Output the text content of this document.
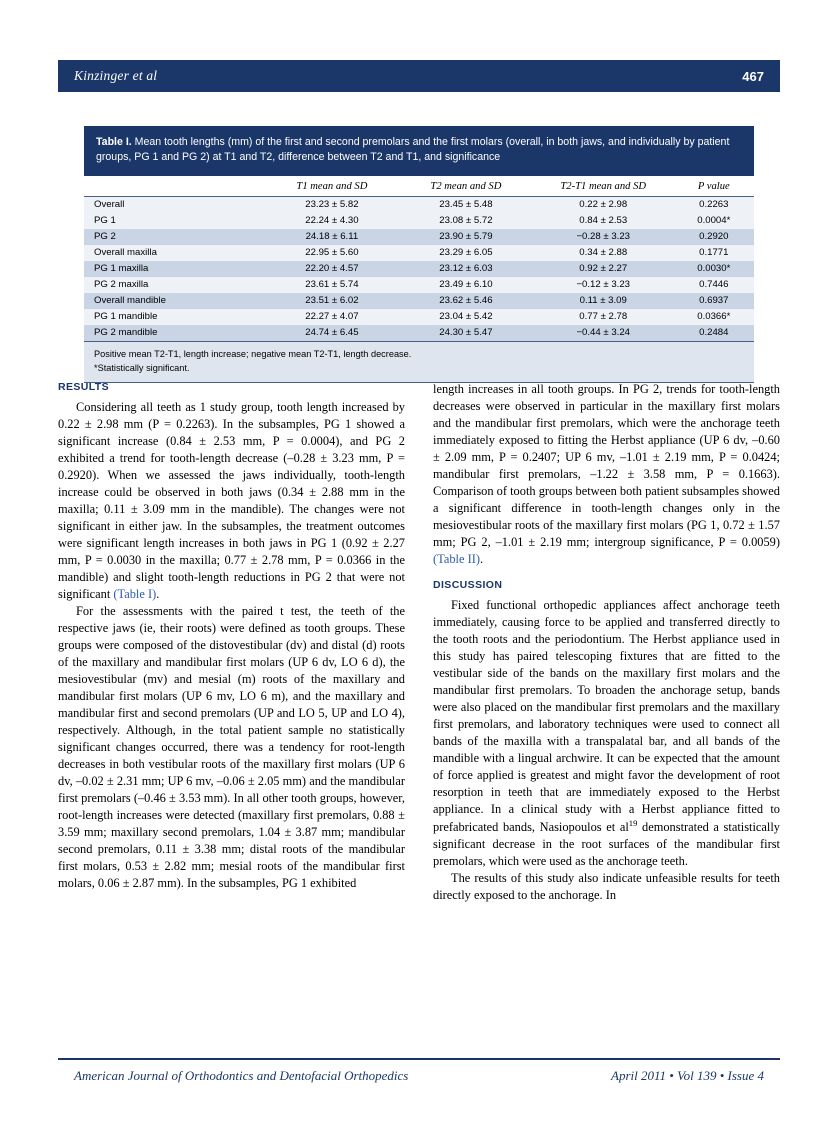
Kinzinger et al	467
Table I. Mean tooth lengths (mm) of the first and second premolars and the first molars (overall, in both jaws, and individually by patient groups, PG 1 and PG 2) at T1 and T2, difference between T2 and T1, and significance
	T1 mean and SD	T2 mean and SD	T2-T1 mean and SD	P value
Overall	23.23 ± 5.82	23.45 ± 5.48	0.22 ± 2.98	0.2263
PG 1	22.24 ± 4.30	23.08 ± 5.72	0.84 ± 2.53	0.0004*
PG 2	24.18 ± 6.11	23.90 ± 5.79	−0.28 ± 3.23	0.2920
Overall maxilla	22.95 ± 5.60	23.29 ± 6.05	0.34 ± 2.88	0.1771
PG 1 maxilla	22.20 ± 4.57	23.12 ± 6.03	0.92 ± 2.27	0.0030*
PG 2 maxilla	23.61 ± 5.74	23.49 ± 6.10	−0.12 ± 3.23	0.7446
Overall mandible	23.51 ± 6.02	23.62 ± 5.46	0.11 ± 3.09	0.6937
PG 1 mandible	22.27 ± 4.07	23.04 ± 5.42	0.77 ± 2.78	0.0366*
PG 2 mandible	24.74 ± 6.45	24.30 ± 5.47	−0.44 ± 3.24	0.2484
Positive mean T2-T1, length increase; negative mean T2-T1, length decrease.
*Statistically significant.
RESULTS

Considering all teeth as 1 study group, tooth length increased by 0.22 ± 2.98 mm (P = 0.2263). In the subsamples, PG 1 showed a significant increase (0.84 ± 2.53 mm, P = 0.0004), and PG 2 exhibited a trend for tooth-length decrease (–0.28 ± 3.23 mm, P = 0.2920). When we assessed the jaws individually, tooth-length increase could be observed in both jaws (0.34 ± 2.88 mm in the maxilla; 0.11 ± 3.09 mm in the mandible). The changes were not significant in either jaw. In the subsamples, the treatment outcomes were significant length increases in both jaws in PG 1 (0.92 ± 2.27 mm, P = 0.0030 in the maxilla; 0.77 ± 2.78 mm, P = 0.0366 in the mandible) and slight tooth-length reductions in PG 2 that were not significant (Table I).

For the assessments with the paired t test, the teeth of the respective jaws (ie, their roots) were defined as tooth groups. These groups were composed of the distovestibular (dv) and distal (d) roots of the maxillary and mandibular first molars (UP 6 dv, LO 6 d), the mesiovestibular (mv) and mesial (m) roots of the maxillary and mandibular first molars (UP 6 mv, LO 6 m), and the maxillary and mandibular first and second premolars (UP and LO 5, UP and LO 4), respectively. Although, in the total patient sample no statistically significant changes occurred, there was a tendency for root-length decreases in both vestibular roots of the maxillary first molars (UP 6 dv, –0.02 ± 2.31 mm; UP 6 mv, –0.06 ± 2.05 mm) and the mandibular first premolars (–0.46 ± 3.53 mm). In all other tooth groups, however, root-length increases were detected (maxillary first premolars, 0.88 ± 3.59 mm; maxillary second premolars, 1.04 ± 3.87 mm; mandibular second premolars, 0.11 ± 3.38 mm; distal roots of the mandibular first molars, 0.53 ± 2.82 mm; mesial roots of the mandibular first molars, 0.06 ± 2.87 mm). In the subsamples, PG 1 exhibited

length increases in all tooth groups. In PG 2, trends for tooth-length decreases were observed in particular in the maxillary first molars and the mandibular first premolars, which were the anchorage teeth immediately exposed to fitting the Herbst appliance (UP 6 dv, –0.60 ± 2.09 mm, P = 0.2407; UP 6 mv, –1.01 ± 2.19 mm, P = 0.0424; mandibular first premolars, –1.22 ± 3.58 mm, P = 0.1663). Comparison of tooth groups between both patient subsamples showed a significant difference in tooth-length changes only in the mesiovestibular roots of the maxillary first molars (PG 1, 0.72 ± 1.57 mm; PG 2, –1.01 ± 2.19 mm; intergroup significance, P = 0.0059) (Table II).

DISCUSSION

Fixed functional orthopedic appliances affect anchorage teeth immediately, causing force to be applied and transferred directly to the tooth roots and the periodontium. The Herbst appliance used in this study has paired telescoping fixtures that are fitted to the vestibular side of the bands on the maxillary first molars and the mandibular first premolars. To broaden the anchorage setup, bands were also placed on the mandibular first premolars and the maxillary first premolars, and laboratory techniques were used to connect all bands of the maxilla with a transpalatal bar, and all bands of the mandible with a lingual archwire. It can be expected that the amount of force applied is greatest and might favor the development of root resorption in teeth that are immediately exposed to the Herbst appliance. In a clinical study with a Herbst appliance fitted to prefabricated bands, Nasiopoulos et $al^{19}$ demonstrated a statistically significant decrease in the root surfaces of the mandibular first premolars, which were used as the anchorage teeth.

The results of this study also indicate unfeasible results for teeth directly exposed to the anchorage. In

American Journal of Orthodontics and Dentofacial Orthopedics	April 2011 • Vol 139 • Issue 4
